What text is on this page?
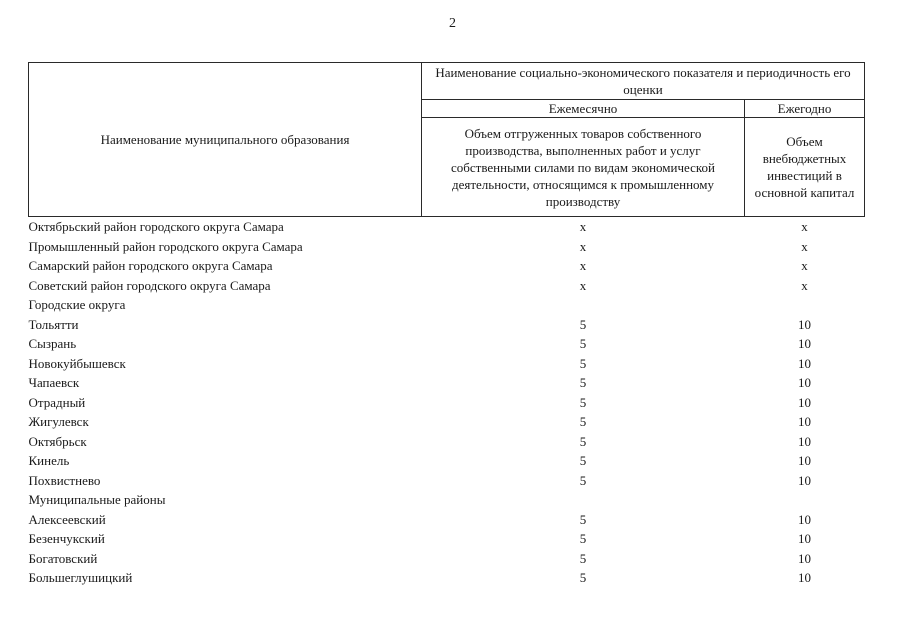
2
Наименование муниципального образования	Наименование социально-экономического показателя и периодичность его оценки	
	Ежемесячно	Ежегодно
	Объем отгруженных товаров собственного производства, выполненных работ и услуг собственными силами по видам экономической деятельности, относящимся к промышленному производству	Объем внебюджетных инвестиций в основной капитал
Октябрьский район городского округа Самара	x	x
Промышленный район городского округа Самара	x	x
Самарский район городского округа Самара	x	x
Советский район городского округа Самара	x	x
Городские округа		
Тольятти	5	10
Сызрань	5	10
Новокуйбышевск	5	10
Чапаевск	5	10
Отрадный	5	10
Жигулевск	5	10
Октябрьск	5	10
Кинель	5	10
Похвистнево	5	10
Муниципальные районы		
Алексеевский	5	10
Безенчукский	5	10
Богатовский	5	10
Большеглушицкий	5	10
